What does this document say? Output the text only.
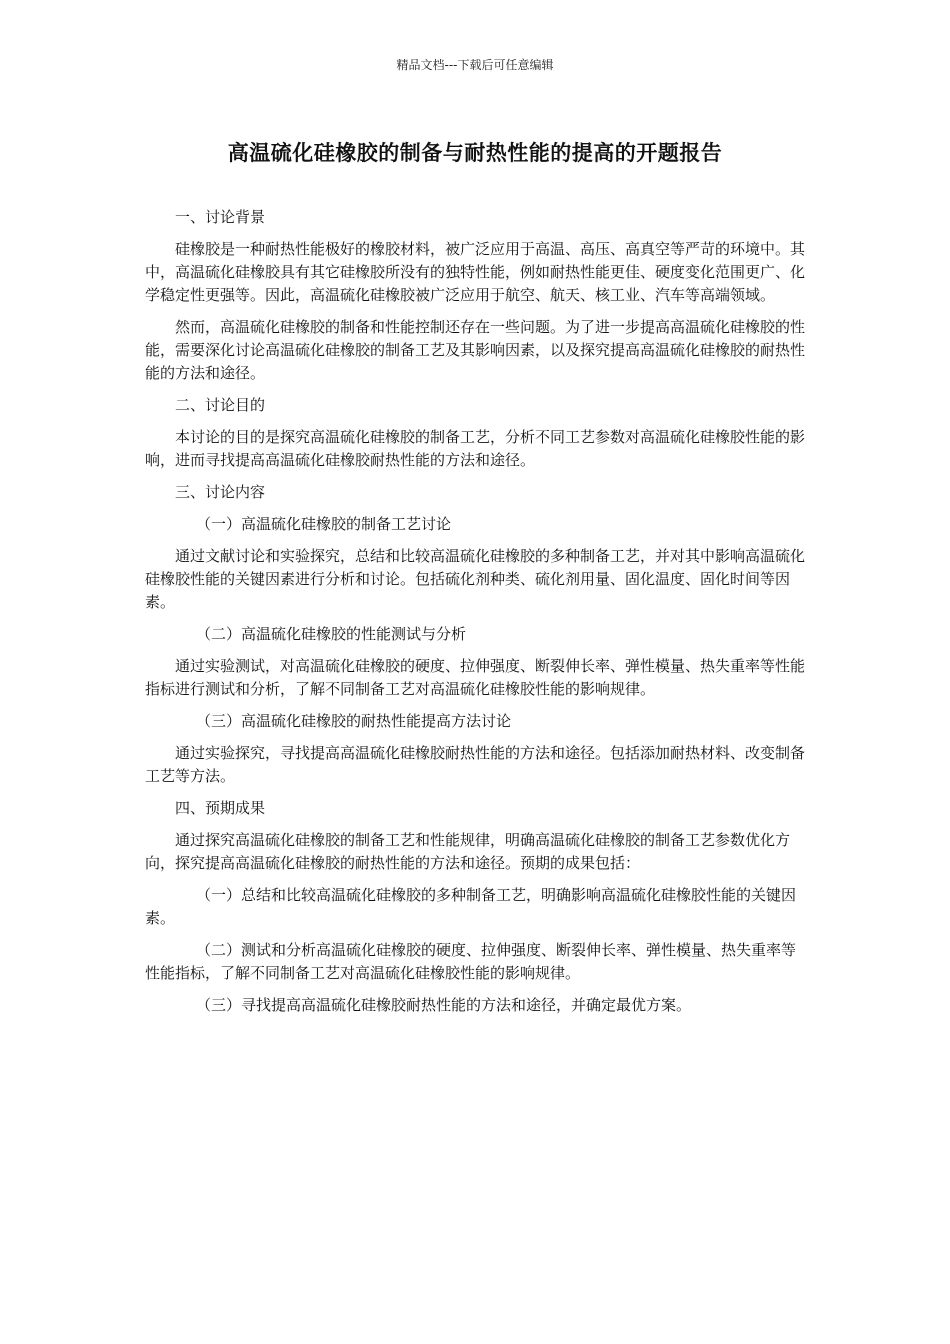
精品文档---下载后可任意编辑
高温硫化硅橡胶的制备与耐热性能的提高的开题报告

一、讨论背景

硅橡胶是一种耐热性能极好的橡胶材料，被广泛应用于高温、高压、高真空等严苛的环境中。其中，高温硫化硅橡胶具有其它硅橡胶所没有的独特性能，例如耐热性能更佳、硬度变化范围更广、化学稳定性更强等。因此，高温硫化硅橡胶被广泛应用于航空、航天、核工业、汽车等高端领域。

然而，高温硫化硅橡胶的制备和性能控制还存在一些问题。为了进一步提高高温硫化硅橡胶的性能，需要深化讨论高温硫化硅橡胶的制备工艺及其影响因素，以及探究提高高温硫化硅橡胶的耐热性能的方法和途径。

二、讨论目的

本讨论的目的是探究高温硫化硅橡胶的制备工艺，分析不同工艺参数对高温硫化硅橡胶性能的影响，进而寻找提高高温硫化硅橡胶耐热性能的方法和途径。

三、讨论内容

（一）高温硫化硅橡胶的制备工艺讨论

通过文献讨论和实验探究，总结和比较高温硫化硅橡胶的多种制备工艺，并对其中影响高温硫化硅橡胶性能的关键因素进行分析和讨论。包括硫化剂种类、硫化剂用量、固化温度、固化时间等因素。

（二）高温硫化硅橡胶的性能测试与分析

通过实验测试，对高温硫化硅橡胶的硬度、拉伸强度、断裂伸长率、弹性模量、热失重率等性能指标进行测试和分析，了解不同制备工艺对高温硫化硅橡胶性能的影响规律。

（三）高温硫化硅橡胶的耐热性能提高方法讨论

通过实验探究，寻找提高高温硫化硅橡胶耐热性能的方法和途径。包括添加耐热材料、改变制备工艺等方法。

四、预期成果

通过探究高温硫化硅橡胶的制备工艺和性能规律，明确高温硫化硅橡胶的制备工艺参数优化方向，探究提高高温硫化硅橡胶的耐热性能的方法和途径。预期的成果包括：

（一）总结和比较高温硫化硅橡胶的多种制备工艺，明确影响高温硫化硅橡胶性能的关键因素。

（二）测试和分析高温硫化硅橡胶的硬度、拉伸强度、断裂伸长率、弹性模量、热失重率等性能指标，了解不同制备工艺对高温硫化硅橡胶性能的影响规律。

（三）寻找提高高温硫化硅橡胶耐热性能的方法和途径，并确定最优方案。
